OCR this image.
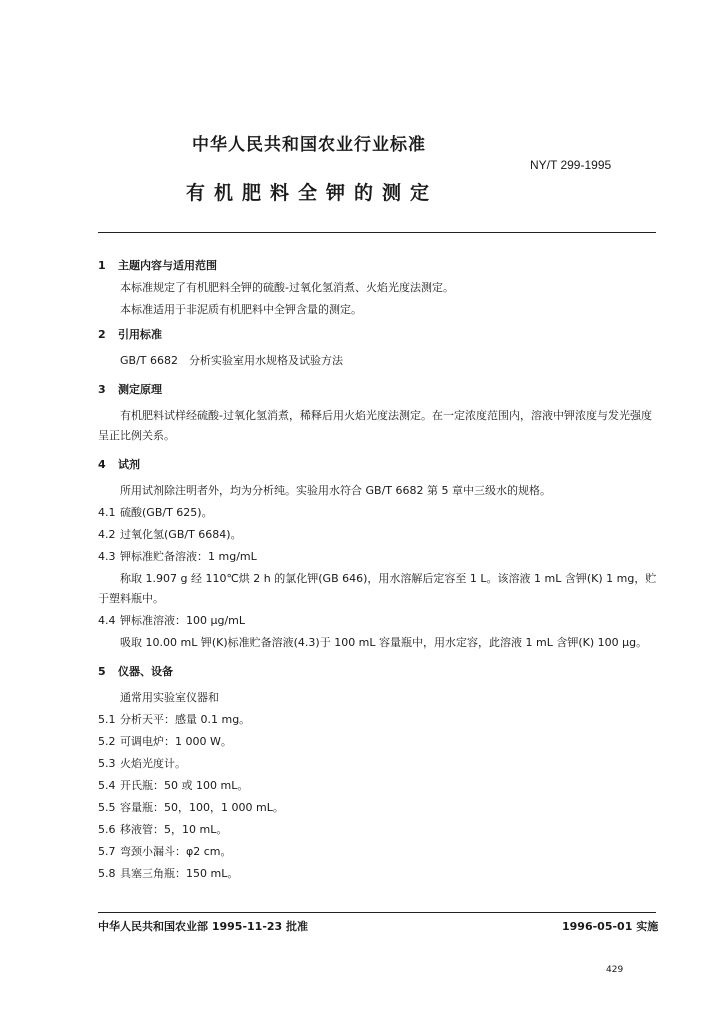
中华人民共和国农业行业标准
NY/T 299-1995
有机肥料全钾的测定
1 主题内容与适用范围
本标准规定了有机肥料全钾的硫酸-过氧化氢消煮、火焰光度法测定。
本标准适用于非泥质有机肥料中全钾含量的测定。
2 引用标准
GB/T 6682　分析实验室用水规格及试验方法
3 测定原理
有机肥料试样经硫酸-过氧化氢消煮，稀释后用火焰光度法测定。在一定浓度范围内，溶液中钾浓度与发光强度呈正比例关系。
4 试剂
所用试剂除注明者外，均为分析纯。实验用水符合 GB/T 6682 第 5 章中三级水的规格。
4.1 硫酸(GB/T 625)。
4.2 过氧化氢(GB/T 6684)。
4.3 钾标准贮备溶液：1 mg/mL
称取 1.907 g 经 110℃烘 2 h 的氯化钾(GB 646)，用水溶解后定容至 1 L。该溶液 1 mL 含钾(K) 1 mg，贮于塑料瓶中。
4.4 钾标准溶液：100 μg/mL
吸取 10.00 mL 钾(K)标准贮备溶液(4.3)于 100 mL 容量瓶中，用水定容，此溶液 1 mL 含钾(K) 100 μg。
5 仪器、设备
通常用实验室仪器和
5.1 分析天平：感量 0.1 mg。
5.2 可调电炉：1 000 W。
5.3 火焰光度计。
5.4 开氏瓶：50 或 100 mL。
5.5 容量瓶：50，100，1 000 mL。
5.6 移液管：5，10 mL。
5.7 弯颈小漏斗：φ2 cm。
5.8 具塞三角瓶：150 mL。
中华人民共和国农业部 1995-11-23 批准	1996-05-01 实施
429
